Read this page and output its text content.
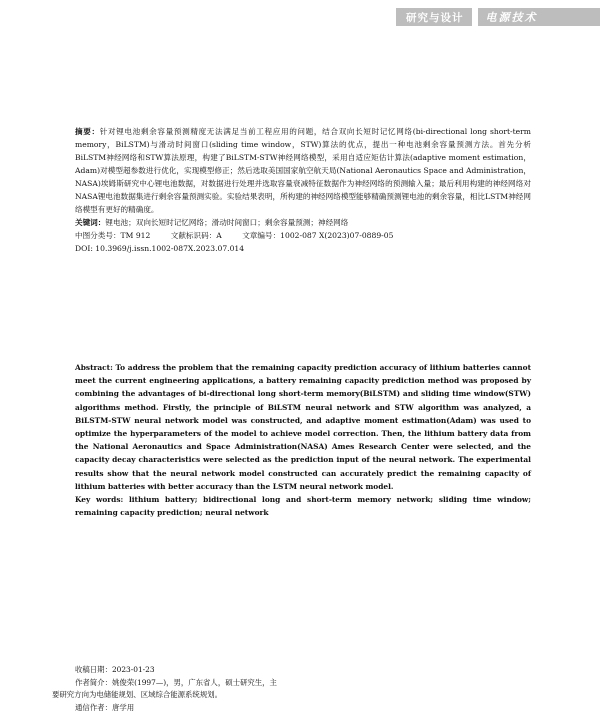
研究与设计 电源技术
摘要：针对锂电池剩余容量预测精度无法满足当前工程应用的问题，结合双向长短时记忆网络(bi-directional long short-term memory，BiLSTM)与滑动时间窗口(sliding time window，STW)算法的优点，提出一种电池剩余容量预测方法。首先分析BiLSTM神经网络和STW算法原理，构建了BiLSTM-STW神经网络模型，采用自适应矩估计算法(adaptive moment estimation，Adam)对模型超参数进行优化，实现模型修正；然后选取美国国家航空航天局(National Aeronautics Space and Administration，NASA)埃姆斯研究中心锂电池数据，对数据进行处理并选取容量衰减特征数据作为神经网络的预测输入量；最后利用构建的神经网络对NASA锂电池数据集进行剩余容量预测实验。实验结果表明，所构建的神经网络模型能够精确预测锂电池的剩余容量，相比LSTM神经网络模型有更好的精确度。
关键词：锂电池；双向长短时记忆网络；滑动时间窗口；剩余容量预测；神经网络
中图分类号：TM 912	文献标识码：A	文章编号：1002-087 X(2023)07-0889-05
DOI: 10.3969/j.issn.1002-087X.2023.07.014
Abstract: To address the problem that the remaining capacity prediction accuracy of lithium batteries cannot meet the current engineering applications, a battery remaining capacity prediction method was proposed by combining the advantages of bi-directional long short-term memory(BiLSTM) and sliding time window(STW) algorithms method. Firstly, the principle of BiLSTM neural network and STW algorithm was analyzed, a BiLSTM-STW neural network model was constructed, and adaptive moment estimation(Adam) was used to optimize the hyperparameters of the model to achieve model correction. Then, the lithium battery data from the National Aeronautics and Space Administration(NASA) Ames Research Center were selected, and the capacity decay characteristics were selected as the prediction input of the neural network. The experimental results show that the neural network model constructed can accurately predict the remaining capacity of lithium batteries with better accuracy than the LSTM neural network model.
Key words: lithium battery; bidirectional long and short-term memory network; sliding time window; remaining capacity prediction; neural network
收稿日期：2023-01-23
作者简介：姚俊荣(1997—)，男，广东省人，硕士研究生，主
要研究方向为电储能规划、区域综合能源系统规划。
通信作者：唐学用
